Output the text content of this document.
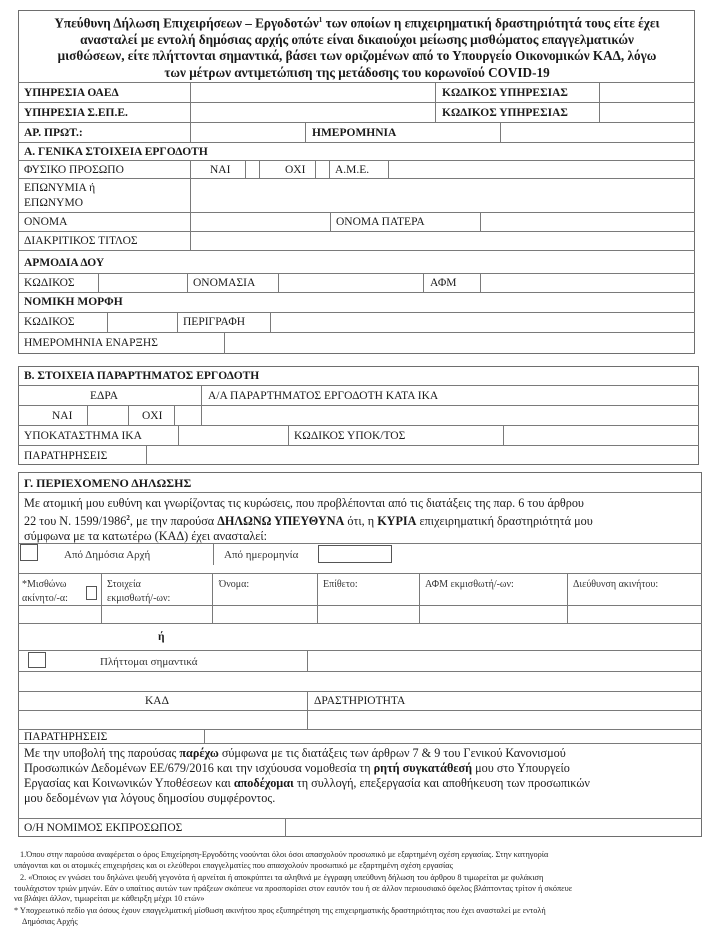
Υπεύθυνη Δήλωση Επιχειρήσεων – Εργοδοτών$^1$ των οποίων η επιχειρηματική δραστηριότητά τους είτε έχει
ανασταλεί με εντολή δημόσιας αρχής οπότε είναι δικαιούχοι μείωσης μισθώματος επαγγελματικών
μισθώσεων, είτε πλήττονται σημαντικά, βάσει των οριζομένων από το Υπουργείο Οικονομικών ΚΑΔ, λόγω
των μέτρων αντιμετώπιση της μετάδοσης του κορωνοϊού COVID-19
ΥΠΗΡΕΣΙΑ ΟΑΕΔ	ΚΩΔΙΚΟΣ ΥΠΗΡΕΣΙΑΣ
ΥΠΗΡΕΣΙΑ Σ.ΕΠ.Ε.	ΚΩΔΙΚΟΣ ΥΠΗΡΕΣΙΑΣ
ΑΡ. ΠΡΩΤ.:	ΗΜΕΡΟΜΗΝΙΑ
Α. ΓΕΝΙΚΑ ΣΤΟΙΧΕΙΑ ΕΡΓΟΔΟΤΗ
ΦΥΣΙΚΟ ΠΡΟΣΩΠΟ	ΝΑΙ	ΟΧΙ	Α.Μ.Ε.
ΕΠΩΝΥΜΙΑ ή
ΕΠΩΝΥΜΟ
ΟΝΟΜΑ	ΟΝΟΜΑ ΠΑΤΕΡΑ
ΔΙΑΚΡΙΤΙΚΟΣ ΤΙΤΛΟΣ
ΑΡΜΟΔΙΑ ΔΟΥ
ΚΩΔΙΚΟΣ	ΟΝΟΜΑΣΙΑ	ΑΦΜ
ΝΟΜΙΚΗ ΜΟΡΦΗ
ΚΩΔΙΚΟΣ	ΠΕΡΙΓΡΑΦΗ
ΗΜΕΡΟΜΗΝΙΑ ΕΝΑΡΞΗΣ
Β. ΣΤΟΙΧΕΙΑ ΠΑΡΑΡΤΗΜΑΤΟΣ ΕΡΓΟΔΟΤΗ
ΕΔΡΑ	Α/Α ΠΑΡΑΡΤΗΜΑΤΟΣ ΕΡΓΟΔΟΤΗ ΚΑΤΑ ΙΚΑ
ΝΑΙ	ΟΧΙ
ΥΠΟΚΑΤΑΣΤΗΜΑ ΙΚΑ	ΚΩΔΙΚΟΣ ΥΠΟΚ/ΤΟΣ
ΠΑΡΑΤΗΡΗΣΕΙΣ
Γ. ΠΕΡΙΕΧΟΜΕΝΟ ΔΗΛΩΣΗΣ
Με ατομική μου ευθύνη και γνωρίζοντας τις κυρώσεις, που προβλέπονται από τις διατάξεις της παρ. 6 του άρθρου
22 του Ν. 1599/1986$^2$, με την παρούσα ΔΗΛΩΝΩ ΥΠΕΥΘΥΝΑ ότι, η ΚΥΡΙΑ επιχειρηματική δραστηριότητά μου
σύμφωνα με τα κατωτέρω (ΚΑΔ) έχει ανασταλεί:
Από Δημόσια Αρχή	Από ημερομηνία
*Μισθώνω
ακίνητο/-α:
Στοιχεία
εκμισθωτή/-ων:
Όνομα:	Επίθετο:	ΑΦΜ εκμισθωτή/-ων:	Διεύθυνση ακινήτου:
ή
Πλήττομαι σημαντικά
ΚΑΔ	ΔΡΑΣΤΗΡΙΟΤΗΤΑ
ΠΑΡΑΤΗΡΗΣΕΙΣ
Με την υποβολή της παρούσας παρέχω σύμφωνα με τις διατάξεις των άρθρων 7 & 9 του Γενικού Κανονισμού
Προσωπικών Δεδομένων ΕΕ/679/2016 και την ισχύουσα νομοθεσία τη ρητή συγκατάθεσή μου στο Υπουργείο
Εργασίας και Κοινωνικών Υποθέσεων και αποδέχομαι τη συλλογή, επεξεργασία και αποθήκευση των προσωπικών
μου δεδομένων για λόγους δημοσίου συμφέροντος.
Ο/Η ΝΟΜΙΜΟΣ ΕΚΠΡΟΣΩΠΟΣ
1.Όπου στην παρούσα αναφέρεται ο όρος Επιχείρηση-Εργοδότης νοούνται όλοι όσοι απασχολούν προσωπικό με εξαρτημένη σχέση εργασίας. Στην κατηγορία
υπάγονται και οι ατομικές επιχειρήσεις και οι ελεύθεροι επαγγελματίες που απασχολούν προσωπικό με εξαρτημένη σχέση εργασίας
2. «Όποιος εν γνώσει του δηλώνει ψευδή γεγονότα ή αρνείται ή αποκρύπτει τα αληθινά με έγγραφη υπεύθυνη δήλωση του άρθρου 8 τιμωρείται με φυλάκιση
τουλάχιστον τριών μηνών. Εάν ο υπαίτιος αυτών των πράξεων σκόπευε να προσπορίσει στον εαυτόν του ή σε άλλον περιουσιακό όφελος βλάπτοντας τρίτον ή σκόπευε
να βλάψει άλλον, τιμωρείται με κάθειρξη μέχρι 10 ετών»
* Υποχρεωτικό πεδίο για όσους έχουν επαγγελματική μίσθωση ακινήτου προς εξυπηρέτηση της επιχειρηματικής δραστηριότητας που έχει ανασταλεί με εντολή
Δημόσιας Αρχής
